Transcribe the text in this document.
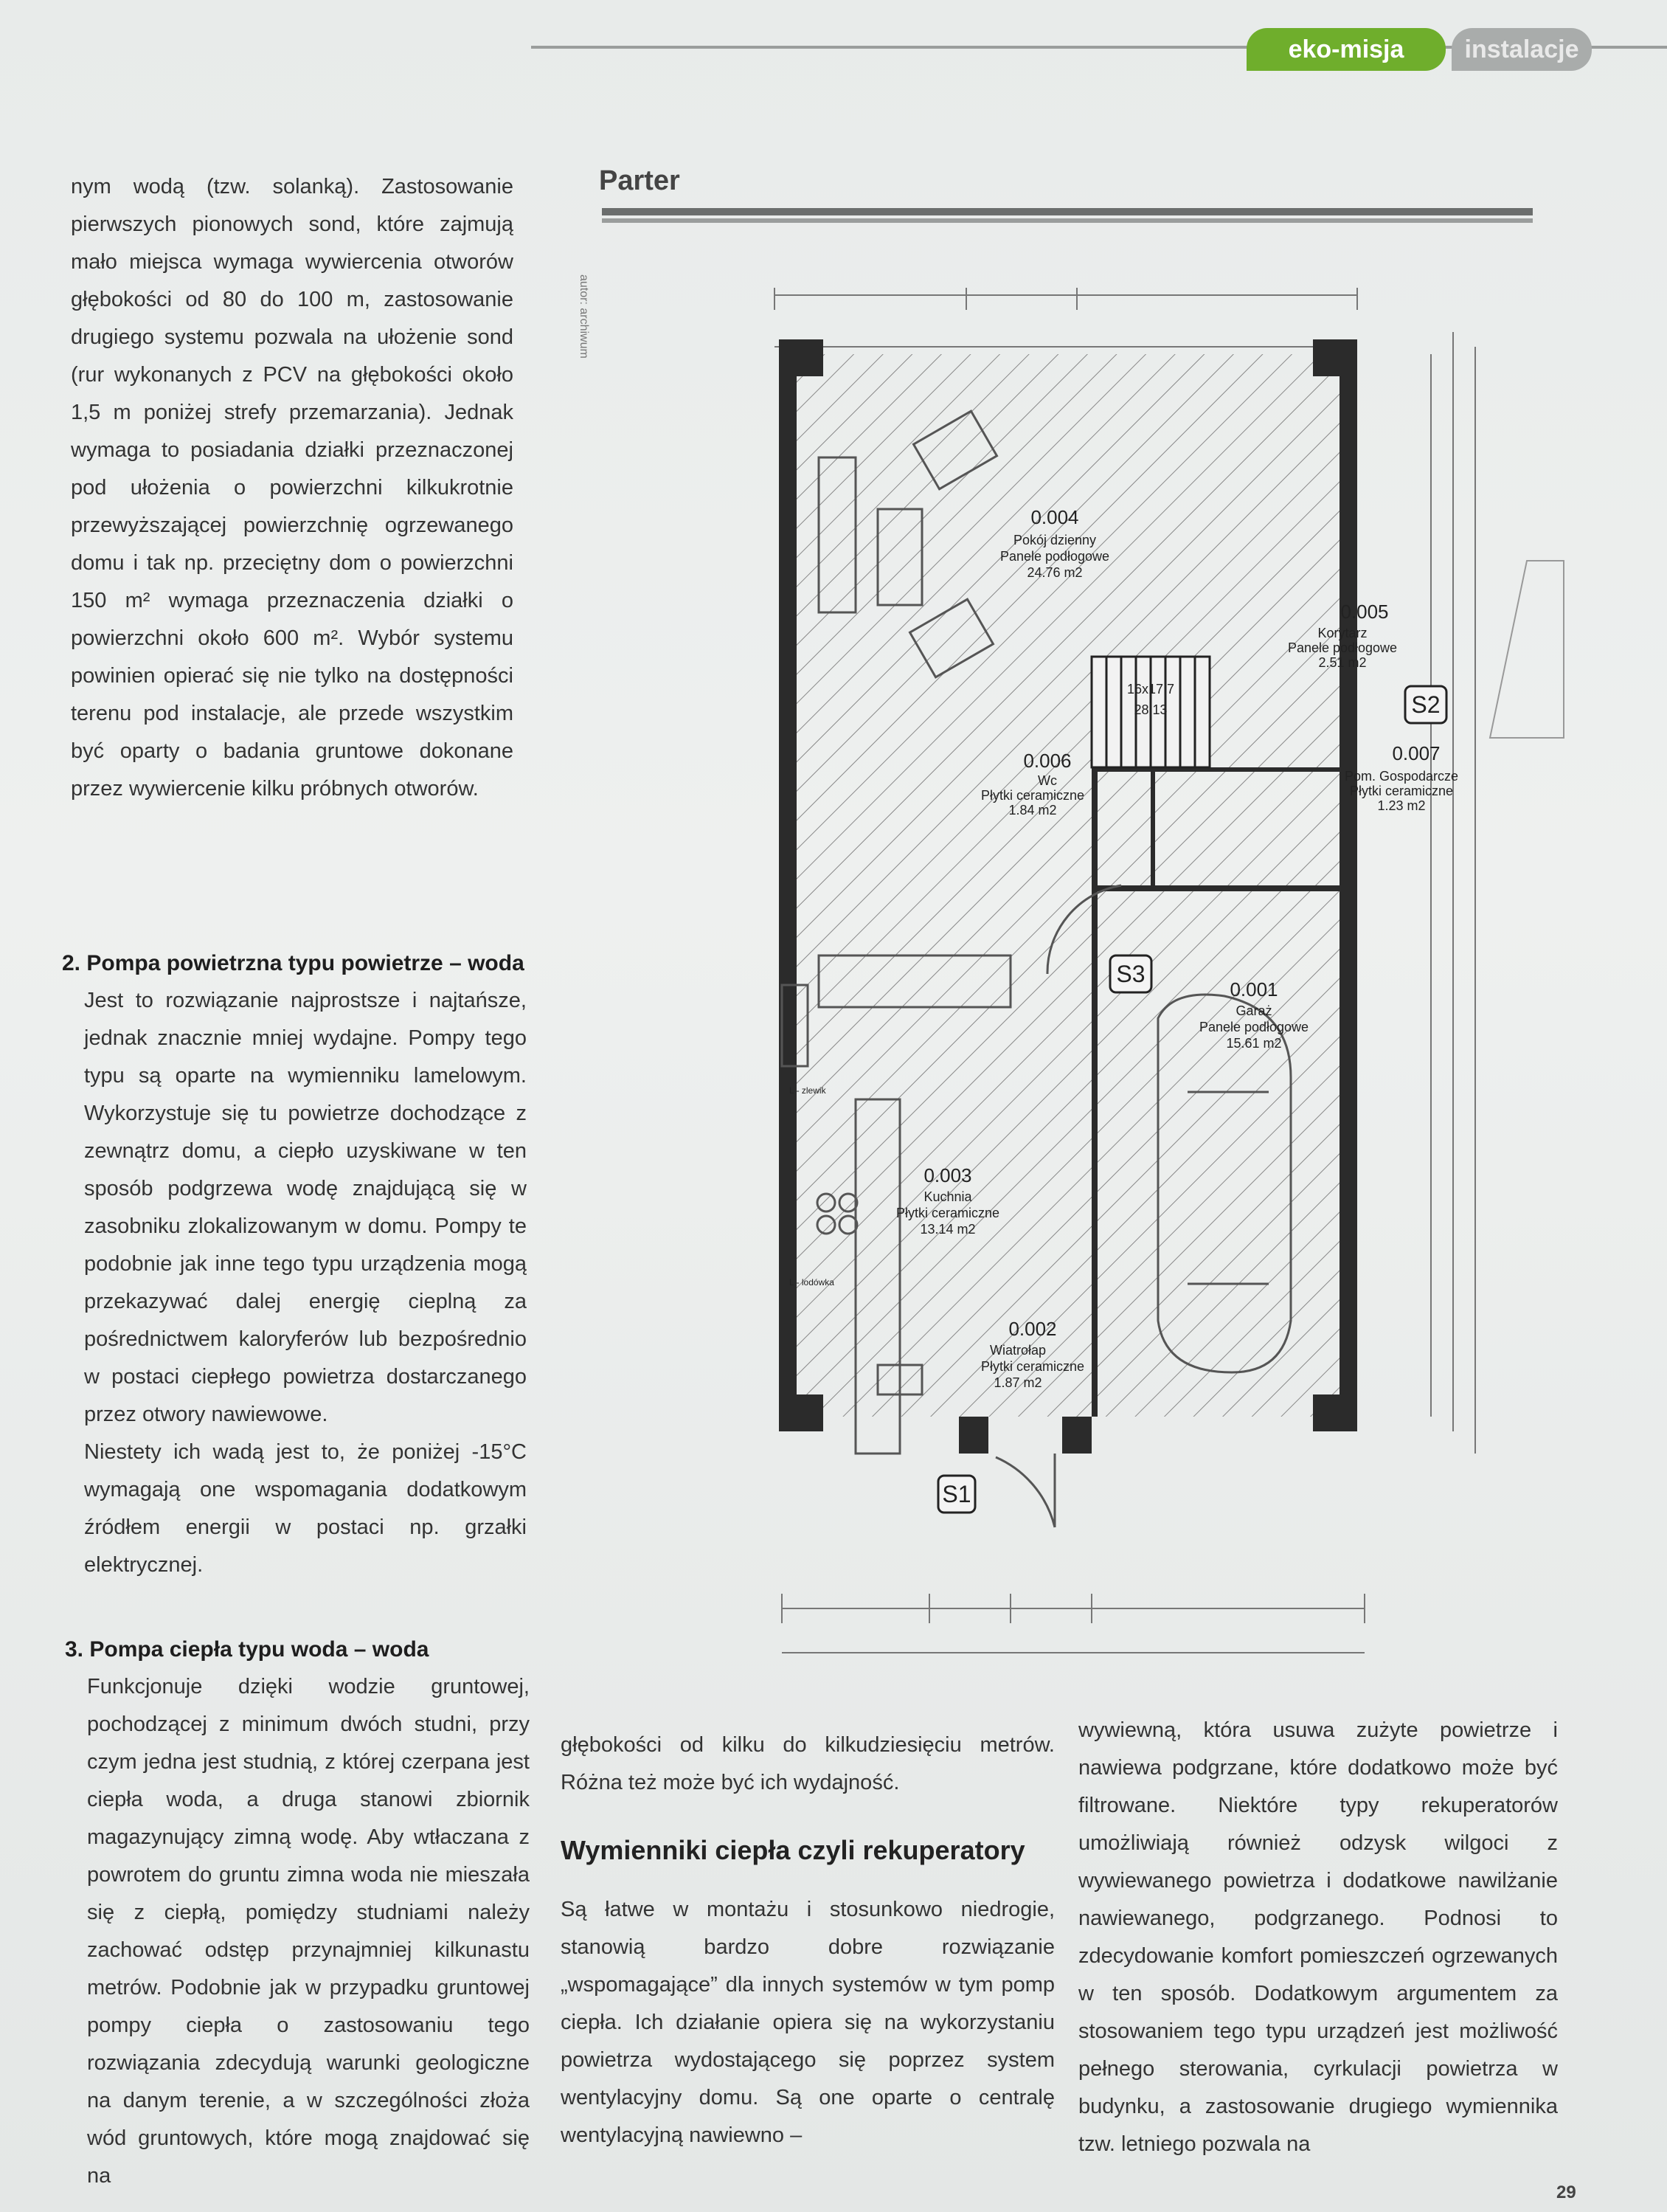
eko-misja	instalacje

nym wodą (tzw. solanką). Zastosowanie pierwszych pionowych sond, które zajmują mało miejsca wymaga wywiercenia otworów głębokości od 80 do 100 m, zastosowanie drugiego systemu pozwala na ułożenie sond (rur wykonanych z PCV na głębokości około 1,5 m poniżej strefy przemarzania). Jednak wymaga to posiadania działki przeznaczonej pod ułożenia o powierzchni kilkukrotnie przewyższającej powierzchnię ogrzewanego domu i tak np. przeciętny dom o powierzchni 150 m² wymaga przeznaczenia działki o powierzchni około 600 m². Wybór systemu powinien opierać się nie tylko na dostępności terenu pod instalacje, ale przede wszystkim być oparty o badania gruntowe dokonane przez wywiercenie kilku próbnych otworów.

2. Pompa powietrzna typu powietrze – woda

Jest to rozwiązanie najprostsze i najtańsze, jednak znacznie mniej wydajne. Pompy tego typu są oparte na wymienniku lamelowym. Wykorzystuje się tu powietrze dochodzące z zewnątrz domu, a ciepło uzyskiwane w ten sposób podgrzewa wodę znajdującą się w zasobniku zlokalizowanym w domu. Pompy te podobnie jak inne tego typu urządzenia mogą przekazywać dalej energię cieplną za pośrednictwem kaloryferów lub bezpośrednio w postaci ciepłego powietrza dostarczanego przez otwory nawiewowe.

Niestety ich wadą jest to, że poniżej -15°C wymagają one wspomagania dodatkowym źródłem energii w postaci np. grzałki elektrycznej.

3. Pompa ciepła typu woda – woda

Funkcjonuje dzięki wodzie gruntowej, pochodzącej z minimum dwóch studni, przy czym jedna jest studnią, z której czerpana jest ciepła woda, a druga stanowi zbiornik magazynujący zimną wodę. Aby wtłaczana z powrotem do gruntu zimna woda nie mieszała się z ciepłą, pomiędzy studniami należy zachować odstęp przynajmniej kilkunastu metrów. Podobnie jak w przypadku gruntowej pompy ciepła o zastosowaniu tego rozwiązania zdecydują warunki geologiczne na danym terenie, a w szczególności złoża wód gruntowych, które mogą znajdować się na

głębokości od kilku do kilkudziesięciu metrów. Różna też może być ich wydajność.

Wymienniki ciepła czyli rekuperatory

Są łatwe w montażu i stosunkowo niedrogie, stanowią bardzo dobre rozwiązanie „wspomagające” dla innych systemów w tym pomp ciepła. Ich działanie opiera się na wykorzystaniu powietrza wydostającego się poprzez system wentylacyjny domu. Są one oparte o centralę wentylacyjną nawiewno –

wywiewną, która usuwa zużyte powietrze i nawiewa podgrzane, które dodatkowo może być filtrowane. Niektóre typy rekuperatorów umożliwiają również odzysk wilgoci z wywiewanego powietrza i dodatkowe nawilżanie nawiewanego, podgrzanego. Podnosi to zdecydowanie komfort pomieszczeń ogrzewanych w ten sposób. Dodatkowym argumentem za stosowaniem tego typu urządzeń jest możliwość pełnego sterowania, cyrkulacji powietrza w budynku, a zastosowanie drugiego wymiennika tzw. letniego pozwala na

Parter
autor: archiwum
0.004
Pokój dzienny
Panele podłogowe
24.76 m2
0.005
Korytarz
Panele podłogowe
2.51 m2
0.006
Wc
Płytki ceramiczne
1.84 m2
0.007
Pom. Gospodarcze
Płytki ceramiczne
1.23 m2
0.001
Garaż
Panele podłogowe
15.61 m2
0.003
Kuchnia
Płytki ceramiczne
13.14 m2
0.002
Wiatrołap
Płytki ceramiczne
1.87 m2
16x17,7
28,13
L - zlewik
L - lodówka
S1
S2
S3
29
